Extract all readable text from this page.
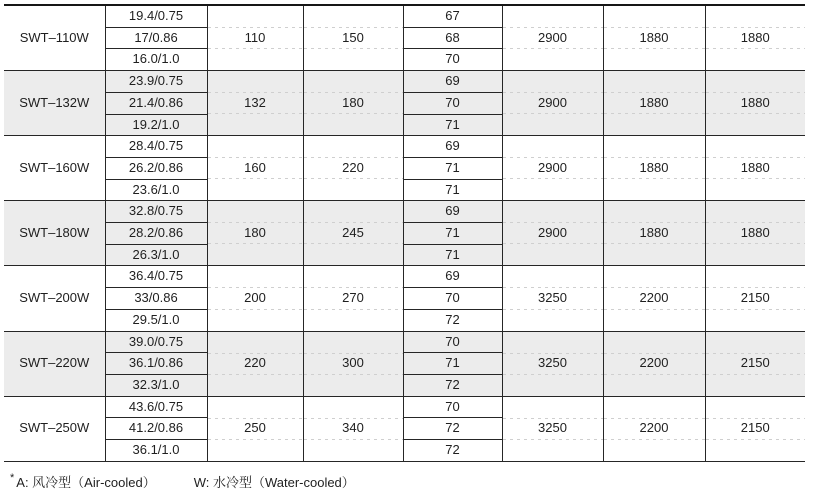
SWT–110W	19.4/0.75	110	150	67	2900	1880	1880
	17/0.86			68			
	16.0/1.0			70			
SWT–132W	23.9/0.75	132	180	69	2900	1880	1880
	21.4/0.86			70			
	19.2/1.0			71			
SWT–160W	28.4/0.75	160	220	69	2900	1880	1880
	26.2/0.86			71			
	23.6/1.0			71			
SWT–180W	32.8/0.75	180	245	69	2900	1880	1880
	28.2/0.86			71			
	26.3/1.0			71			
SWT–200W	36.4/0.75	200	270	69	3250	2200	2150
	33/0.86			70			
	29.5/1.0			72			
SWT–220W	39.0/0.75	220	300	70	3250	2200	2150
	36.1/0.86			71			
	32.3/1.0			72			
SWT–250W	43.6/0.75	250	340	70	3250	2200	2150
	41.2/0.86			72			
	36.1/1.0			72			
* A: 风冷型（Air-cooled）	W: 水冷型（Water-cooled）
